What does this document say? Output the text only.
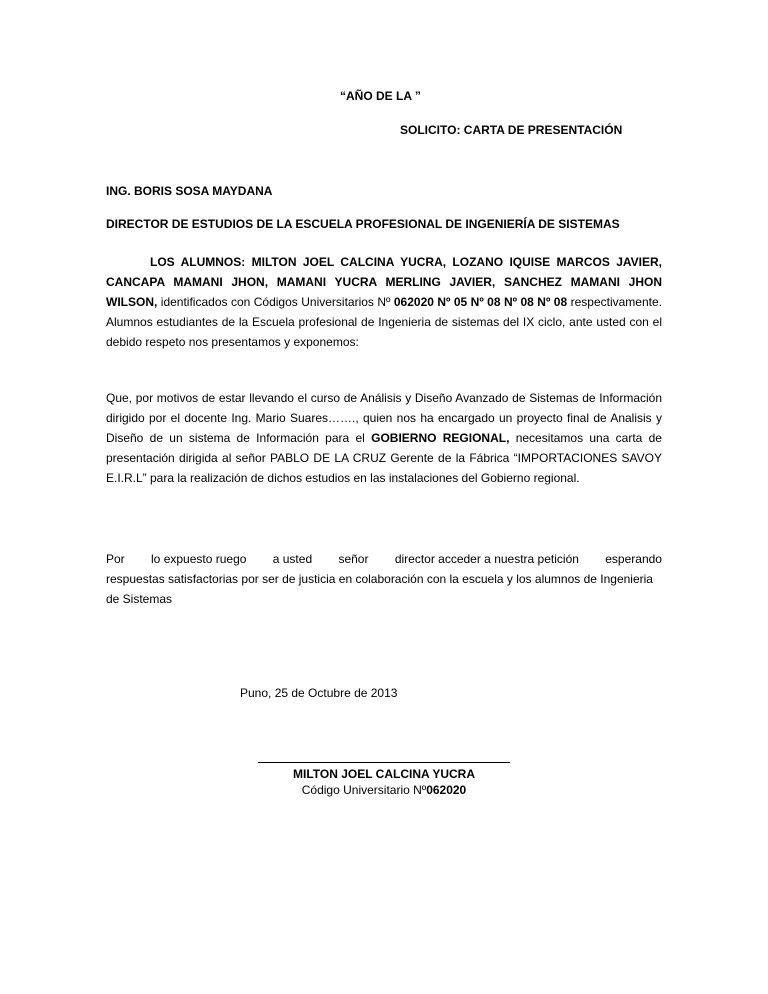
“AÑO DE LA ”
SOLICITO: CARTA DE PRESENTACIÓN
ING. BORIS SOSA MAYDANA
DIRECTOR DE ESTUDIOS DE LA ESCUELA PROFESIONAL DE INGENIERÍA DE SISTEMAS
LOS ALUMNOS: MILTON JOEL CALCINA YUCRA, LOZANO IQUISE MARCOS JAVIER, CANCAPA MAMANI JHON, MAMANI YUCRA MERLING JAVIER, SANCHEZ MAMANI JHON WILSON, identificados con Códigos Universitarios Nº 062020 Nº 05 Nº 08 Nº 08 Nº 08 respectivamente. Alumnos estudiantes de la Escuela profesional de Ingenieria de sistemas del IX ciclo, ante usted con el debido respeto nos presentamos y exponemos:
Que, por motivos de estar llevando el curso de Análisis y Diseño Avanzado de Sistemas de Información dirigido por el docente Ing. Mario Suares……., quien nos ha encargado un proyecto final de Analisis y Diseño de un sistema de Información para el GOBIERNO REGIONAL, necesitamos una carta de presentación dirigida al señor PABLO DE LA CRUZ Gerente de la Fábrica “IMPORTACIONES SAVOY E.I.R.L” para la realización de dichos estudios en las instalaciones del Gobierno regional.
Por lo expuesto ruego a usted señor director acceder a nuestra petición esperando
respuestas satisfactorias por ser de justicia en colaboración con la escuela y los alumnos de Ingenieria de Sistemas
Puno, 25 de Octubre de 2013
MILTON JOEL CALCINA YUCRA
Código Universitario Nº062020
